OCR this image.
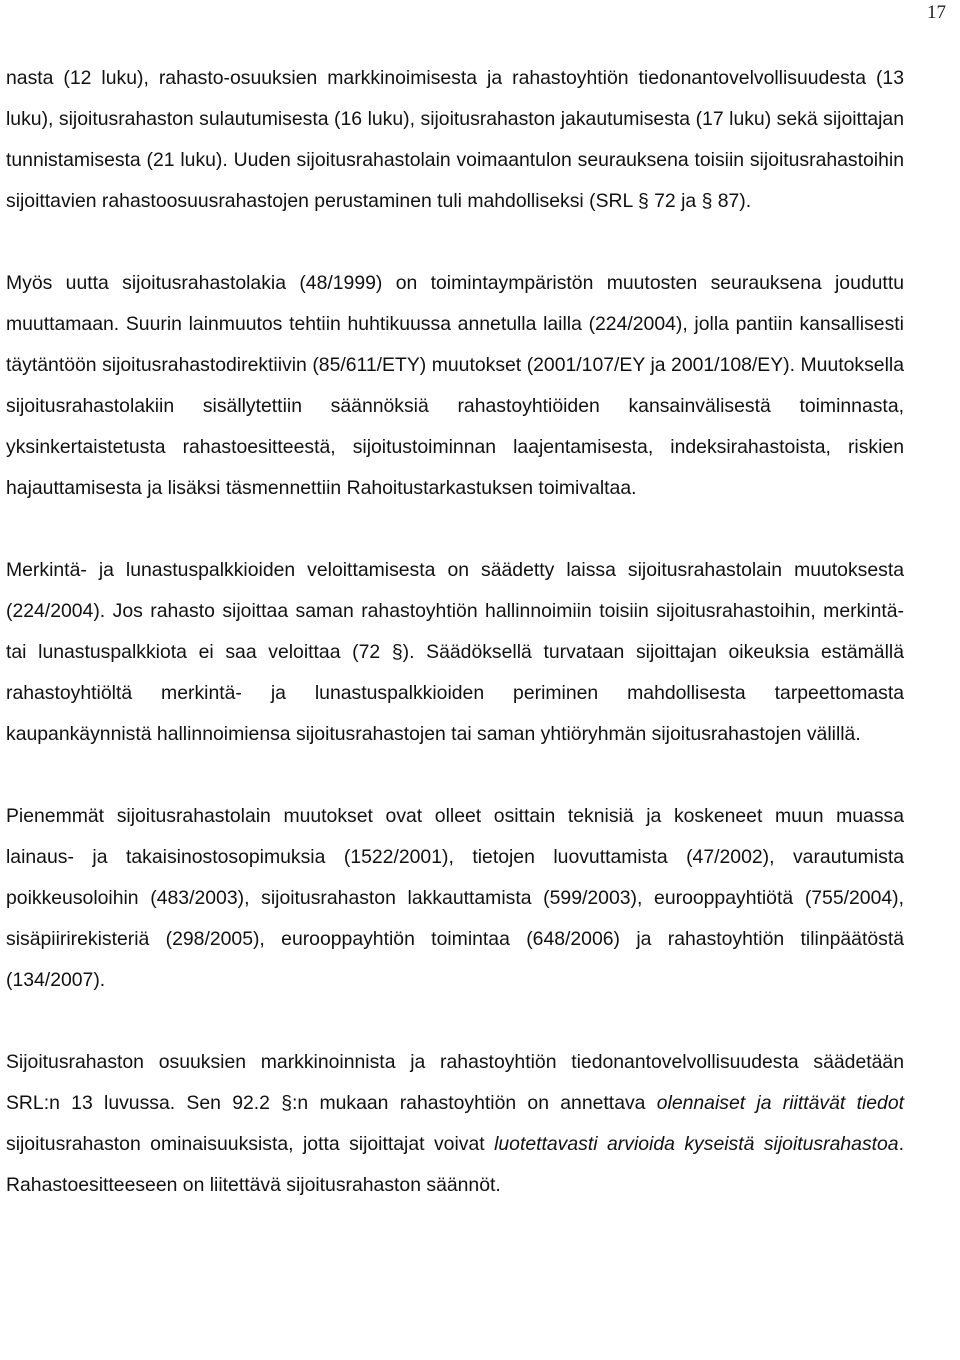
17

nasta (12 luku), rahasto-osuuksien markkinoimisesta ja rahastoyhtiön tiedonantovelvollisuudesta (13 luku), sijoitusrahaston sulautumisesta (16 luku), sijoitusrahaston jakautumisesta (17 luku) sekä sijoittajan tunnistamisesta (21 luku). Uuden sijoitusrahastolain voimaantulon seurauksena toisiin sijoitusrahastoihin sijoittavien rahastoosuusrahastojen perustaminen tuli mahdolliseksi (SRL § 72 ja § 87).

Myös uutta sijoitusrahastolakia (48/1999) on toimintaympäristön muutosten seurauksena jouduttu muuttamaan. Suurin lainmuutos tehtiin huhtikuussa annetulla lailla (224/2004), jolla pantiin kansallisesti täytäntöön sijoitusrahastodirektiivin (85/611/ETY) muutokset (2001/107/EY ja 2001/108/EY). Muutoksella sijoitusrahastolakiin sisällytettiin säännöksiä rahastoyhtiöiden kansainvälisestä toiminnasta, yksinkertaistetusta rahastoesitteestä, sijoitustoiminnan laajentamisesta, indeksirahastoista, riskien hajauttamisesta ja lisäksi täsmennettiin Rahoitustarkastuksen toimivaltaa.

Merkintä- ja lunastuspalkkioiden veloittamisesta on säädetty laissa sijoitusrahastolain muutoksesta (224/2004). Jos rahasto sijoittaa saman rahastoyhtiön hallinnoimiin toisiin sijoitusrahastoihin, merkintä- tai lunastuspalkkiota ei saa veloittaa (72 §). Säädöksellä turvataan sijoittajan oikeuksia estämällä rahastoyhtiöltä merkintä- ja lunastuspalkkioiden periminen mahdollisesta tarpeettomasta kaupankäynnistä hallinnoimiensa sijoitusrahastojen tai saman yhtiöryhmän sijoitusrahastojen välillä.

Pienemmät sijoitusrahastolain muutokset ovat olleet osittain teknisiä ja koskeneet muun muassa lainaus- ja takaisinostosopimuksia (1522/2001), tietojen luovuttamista (47/2002), varautumista poikkeusoloihin (483/2003), sijoitusrahaston lakkauttamista (599/2003), eurooppayhtiötä (755/2004), sisäpiirirekisteriä (298/2005), eurooppayhtiön toimintaa (648/2006) ja rahastoyhtiön tilinpäätöstä (134/2007).

Sijoitusrahaston osuuksien markkinoinnista ja rahastoyhtiön tiedonantovelvollisuudesta säädetään SRL:n 13 luvussa. Sen 92.2 §:n mukaan rahastoyhtiön on annettava olennaiset ja riittävät tiedot sijoitusrahaston ominaisuuksista, jotta sijoittajat voivat luotettavasti arvioida kyseistä sijoitusrahastoa. Rahastoesitteeseen on liitettävä sijoitusrahaston säännöt.
